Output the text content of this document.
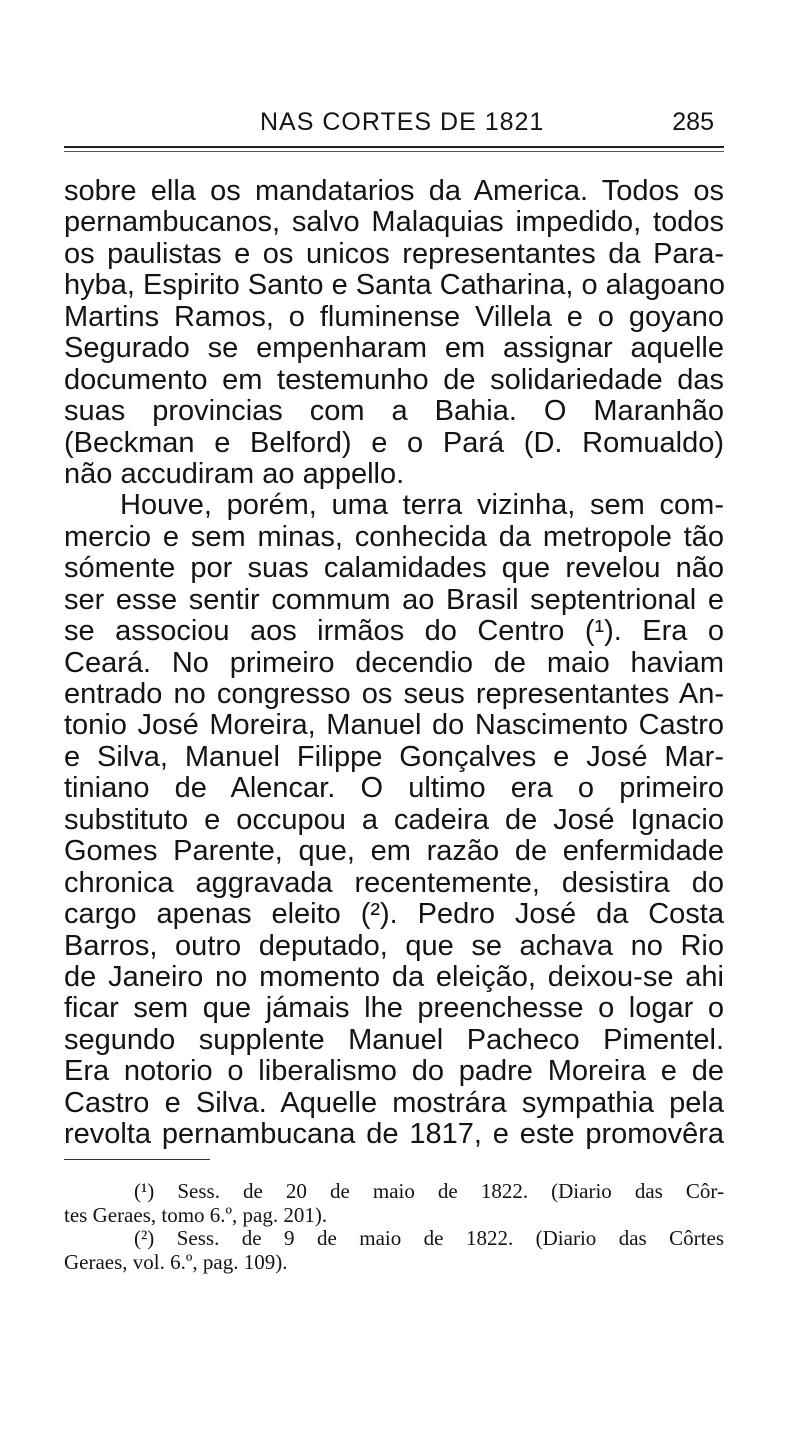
NAS CORTES DE 1821	285
sobre ella os mandatarios da America. Todos os
pernambucanos, salvo Malaquias impedido, todos
os paulistas e os unicos representantes da Para-
hyba, Espirito Santo e Santa Catharina, o alagoano
Martins Ramos, o fluminense Villela e o goyano
Segurado se empenharam em assignar aquelle
documento em testemunho de solidariedade das
suas provincias com a Bahia. O Maranhão
(Beckman e Belford) e o Pará (D. Romualdo)
não accudiram ao appello.
Houve, porém, uma terra vizinha, sem com-
mercio e sem minas, conhecida da metropole tão
sómente por suas calamidades que revelou não
ser esse sentir commum ao Brasil septentrional e
se associou aos irmãos do Centro (¹). Era o
Ceará. No primeiro decendio de maio haviam
entrado no congresso os seus representantes An-
tonio José Moreira, Manuel do Nascimento Castro
e Silva, Manuel Filippe Gonçalves e José Mar-
tiniano de Alencar. O ultimo era o primeiro
substituto e occupou a cadeira de José Ignacio
Gomes Parente, que, em razão de enfermidade
chronica aggravada recentemente, desistira do
cargo apenas eleito (²). Pedro José da Costa
Barros, outro deputado, que se achava no Rio
de Janeiro no momento da eleição, deixou-se ahi
ficar sem que jámais lhe preenchesse o logar o
segundo supplente Manuel Pacheco Pimentel.
Era notorio o liberalismo do padre Moreira e de
Castro e Silva. Aquelle mostrára sympathia pela
revolta pernambucana de 1817, e este promovêra
(¹) Sess. de 20 de maio de 1822. (Diario das Côr-
tes Geraes, tomo 6.º, pag. 201).
(²) Sess. de 9 de maio de 1822. (Diario das Côrtes
Geraes, vol. 6.º, pag. 109).
